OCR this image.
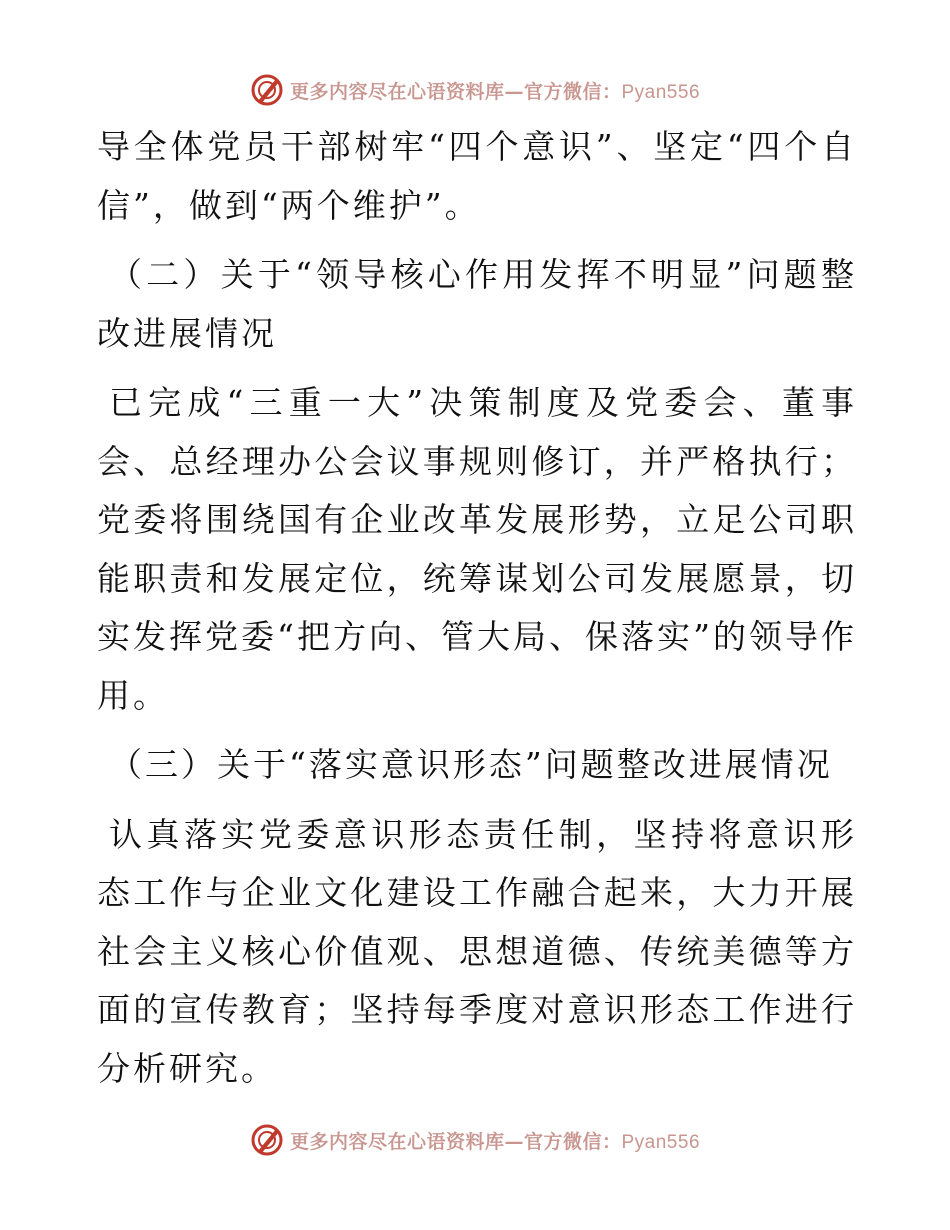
更多内容尽在心语资料库—官方微信：Pyan556

导全体党员干部树牢“四个意识”、坚定“四个自信”，做到“两个维护”。

（二）关于“领导核心作用发挥不明显”问题整改进展情况

已完成“三重一大”决策制度及党委会、董事会、总经理办公会议事规则修订，并严格执行；党委将围绕国有企业改革发展形势，立足公司职能职责和发展定位，统筹谋划公司发展愿景，切实发挥党委“把方向、管大局、保落实”的领导作用。

（三）关于“落实意识形态”问题整改进展情况

认真落实党委意识形态责任制，坚持将意识形态工作与企业文化建设工作融合起来，大力开展社会主义核心价值观、思想道德、传统美德等方面的宣传教育；坚持每季度对意识形态工作进行分析研究。

更多内容尽在心语资料库—官方微信：Pyan556
